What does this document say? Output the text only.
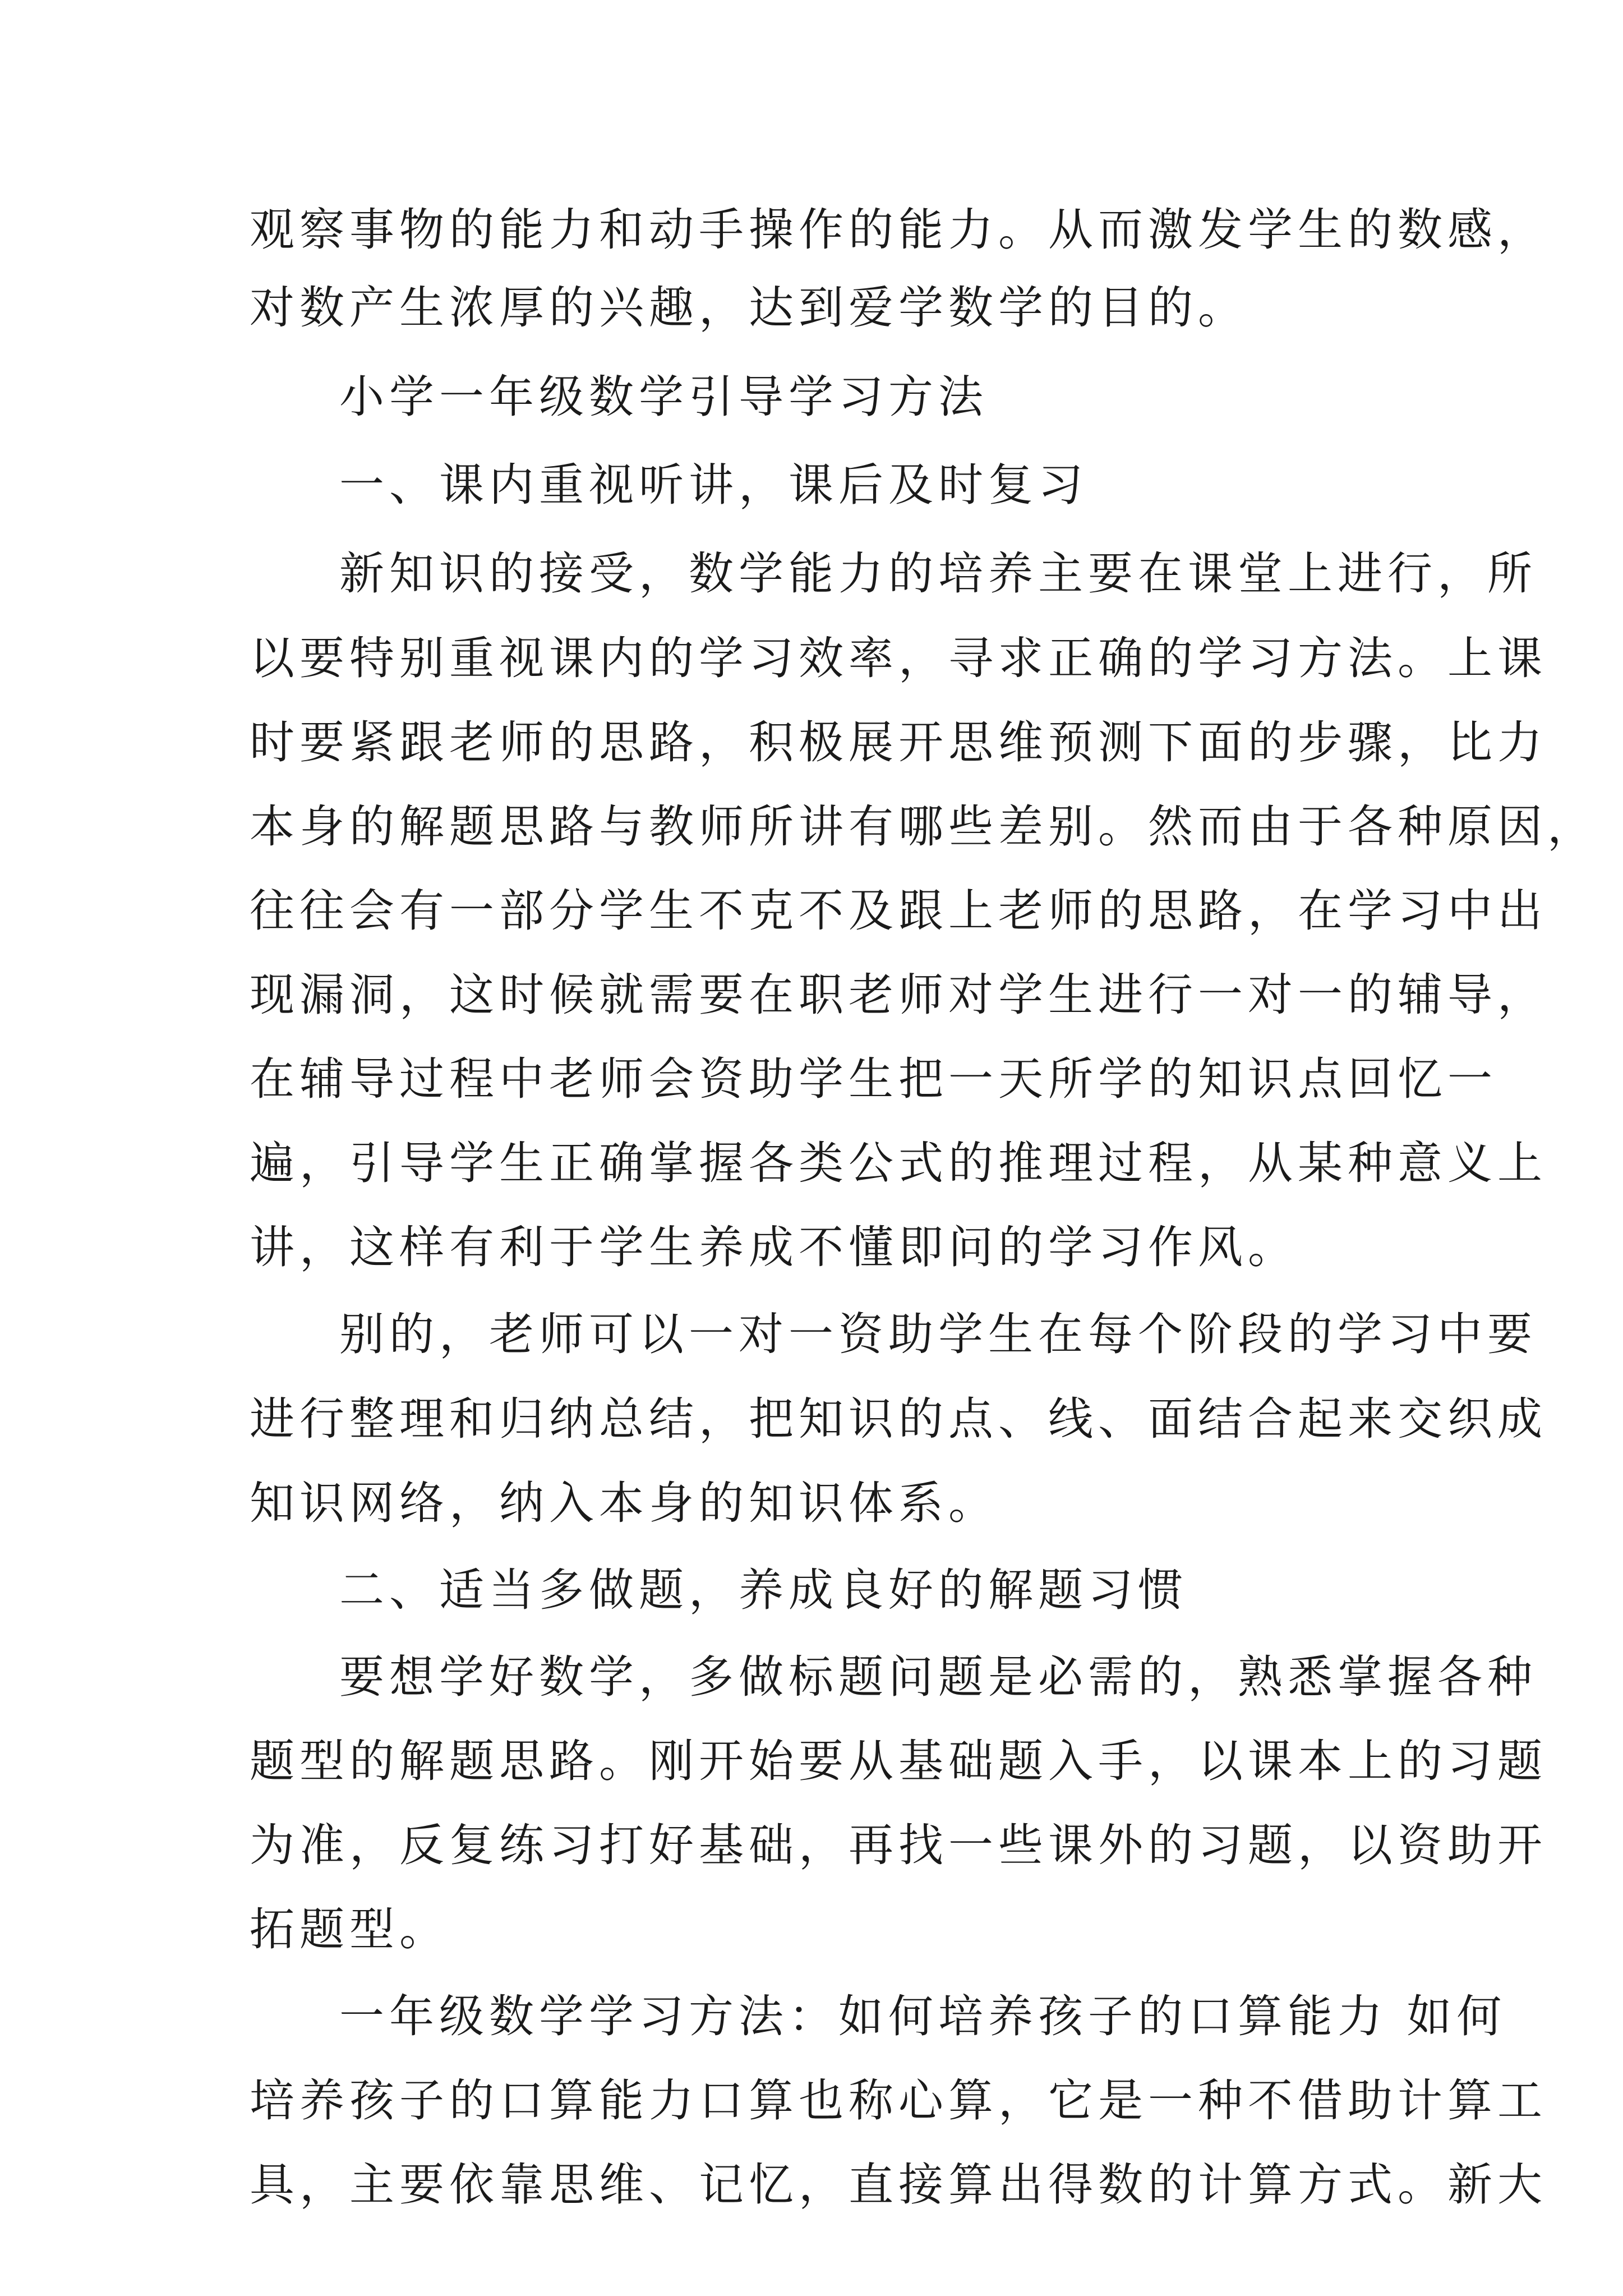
观察事物的能力和动手操作的能力。从而激发学生的数感，
对数产生浓厚的兴趣，达到爱学数学的目的。
小学一年级数学引导学习方法
一、课内重视听讲，课后及时复习
新知识的接受，数学能力的培养主要在课堂上进行，所
以要特别重视课内的学习效率，寻求正确的学习方法。上课
时要紧跟老师的思路，积极展开思维预测下面的步骤，比力
本身的解题思路与教师所讲有哪些差别。然而由于各种原因，
往往会有一部分学生不克不及跟上老师的思路，在学习中出
现漏洞，这时候就需要在职老师对学生进行一对一的辅导，
在辅导过程中老师会资助学生把一天所学的知识点回忆一
遍，引导学生正确掌握各类公式的推理过程，从某种意义上
讲，这样有利于学生养成不懂即问的学习作风。
别的，老师可以一对一资助学生在每个阶段的学习中要
进行整理和归纳总结，把知识的点、线、面结合起来交织成
知识网络，纳入本身的知识体系。
二、适当多做题，养成良好的解题习惯
要想学好数学，多做标题问题是必需的，熟悉掌握各种
题型的解题思路。刚开始要从基础题入手，以课本上的习题
为准，反复练习打好基础，再找一些课外的习题，以资助开
拓题型。
一年级数学学习方法：如何培养孩子的口算能力 如何
培养孩子的口算能力口算也称心算，它是一种不借助计算工
具，主要依靠思维、记忆，直接算出得数的计算方式。新大
